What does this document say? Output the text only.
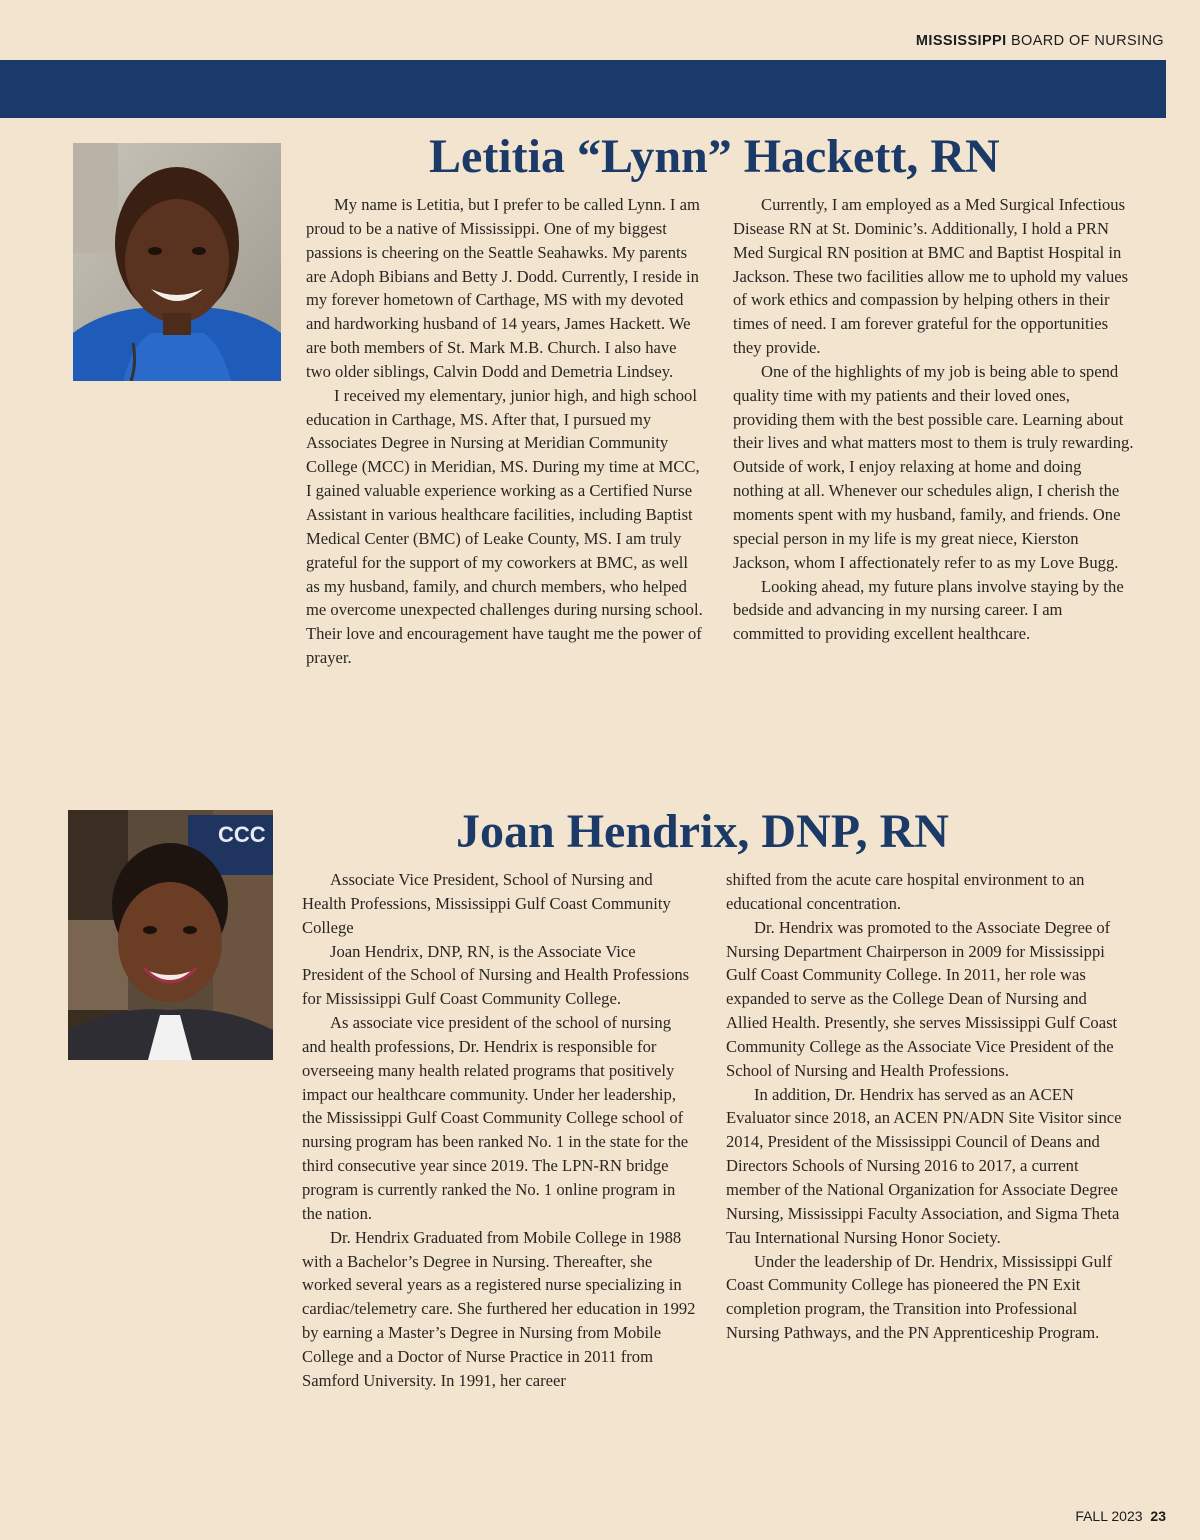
MISSISSIPPI BOARD OF NURSING
Letitia “Lynn” Hackett, RN

My name is Letitia, but I prefer to be called Lynn. I am proud to be a native of Mississippi. One of my biggest passions is cheering on the Seattle Seahawks. My parents are Adoph Bibians and Betty J. Dodd. Currently, I reside in my forever hometown of Carthage, MS with my devoted and hardworking husband of 14 years, James Hackett. We are both members of St. Mark M.B. Church. I also have two older siblings, Calvin Dodd and Demetria Lindsey.

I received my elementary, junior high, and high school education in Carthage, MS. After that, I pursued my Associates Degree in Nursing at Meridian Community College (MCC) in Meridian, MS. During my time at MCC, I gained valuable experience working as a Certified Nurse Assistant in various healthcare facilities, including Baptist Medical Center (BMC) of Leake County, MS. I am truly grateful for the support of my coworkers at BMC, as well as my husband, family, and church members, who helped me overcome unexpected challenges during nursing school. Their love and encouragement have taught me the power of prayer.

Currently, I am employed as a Med Surgical Infectious Disease RN at St. Dominic’s. Additionally, I hold a PRN Med Surgical RN position at BMC and Baptist Hospital in Jackson. These two facilities allow me to uphold my values of work ethics and compassion by helping others in their times of need. I am forever grateful for the opportunities they provide.

One of the highlights of my job is being able to spend quality time with my patients and their loved ones, providing them with the best possible care. Learning about their lives and what matters most to them is truly rewarding. Outside of work, I enjoy relaxing at home and doing nothing at all. Whenever our schedules align, I cherish the moments spent with my husband, family, and friends. One special person in my life is my great niece, Kierston Jackson, whom I affectionately refer to as my Love Bugg.

Looking ahead, my future plans involve staying by the bedside and advancing in my nursing career. I am committed to providing excellent healthcare.

CCC	Joan Hendrix, DNP, RN

Associate Vice President, School of Nursing and Health Professions, Mississippi Gulf Coast Community College

Joan Hendrix, DNP, RN, is the Associate Vice President of the School of Nursing and Health Professions for Mississippi Gulf Coast Community College.

As associate vice president of the school of nursing and health professions, Dr. Hendrix is responsible for overseeing many health related programs that positively impact our healthcare community. Under her leadership, the Mississippi Gulf Coast Community College school of nursing program has been ranked No. 1 in the state for the third consecutive year since 2019. The LPN-RN bridge program is currently ranked the No. 1 online program in the nation.

Dr. Hendrix Graduated from Mobile College in 1988 with a Bachelor’s Degree in Nursing. Thereafter, she worked several years as a registered nurse specializing in cardiac/telemetry care. She furthered her education in 1992 by earning a Master’s Degree in Nursing from Mobile College and a Doctor of Nurse Practice in 2011 from Samford University. In 1991, her career

shifted from the acute care hospital environment to an educational concentration.

Dr. Hendrix was promoted to the Associate Degree of Nursing Department Chairperson in 2009 for Mississippi Gulf Coast Community College. In 2011, her role was expanded to serve as the College Dean of Nursing and Allied Health. Presently, she serves Mississippi Gulf Coast Community College as the Associate Vice President of the School of Nursing and Health Professions.

In addition, Dr. Hendrix has served as an ACEN Evaluator since 2018, an ACEN PN/ADN Site Visitor since 2014, President of the Mississippi Council of Deans and Directors Schools of Nursing 2016 to 2017, a current member of the National Organization for Associate Degree Nursing, Mississippi Faculty Association, and Sigma Theta Tau International Nursing Honor Society.

Under the leadership of Dr. Hendrix, Mississippi Gulf Coast Community College has pioneered the PN Exit completion program, the Transition into Professional Nursing Pathways, and the PN Apprenticeship Program.

FALL 2023 23
